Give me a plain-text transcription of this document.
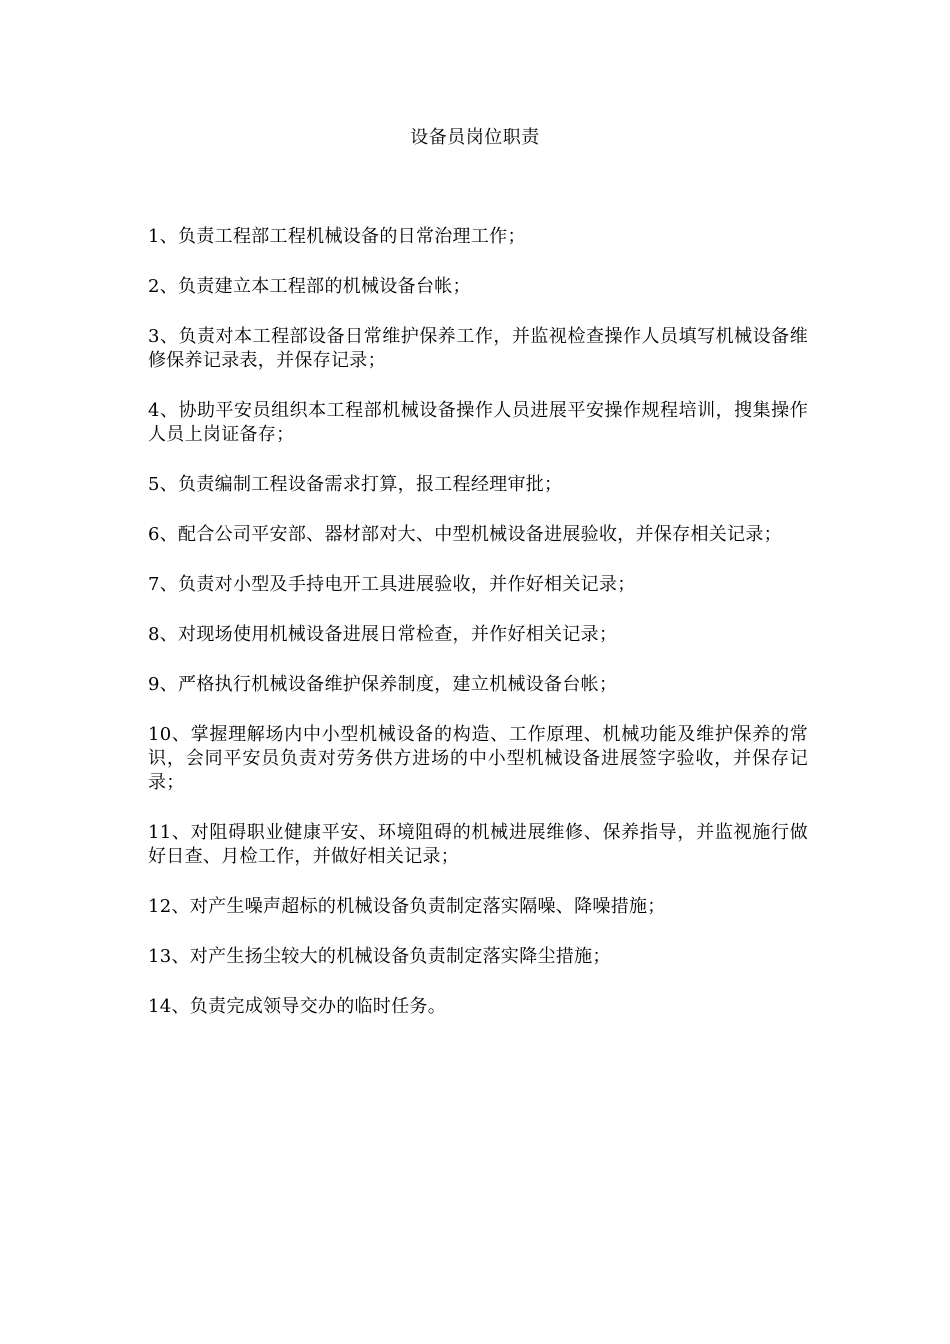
设备员岗位职责
1、负责工程部工程机械设备的日常治理工作；
2、负责建立本工程部的机械设备台帐；
3、负责对本工程部设备日常维护保养工作，并监视检查操作人员填写机械设备维修保养记录表，并保存记录；
4、协助平安员组织本工程部机械设备操作人员进展平安操作规程培训，搜集操作人员上岗证备存；
5、负责编制工程设备需求打算，报工程经理审批；
6、配合公司平安部、器材部对大、中型机械设备进展验收，并保存相关记录；
7、负责对小型及手持电开工具进展验收，并作好相关记录；
8、对现场使用机械设备进展日常检查，并作好相关记录；
9、严格执行机械设备维护保养制度，建立机械设备台帐；
10、掌握理解场内中小型机械设备的构造、工作原理、机械功能及维护保养的常识，会同平安员负责对劳务供方进场的中小型机械设备进展签字验收，并保存记录；
11、对阻碍职业健康平安、环境阻碍的机械进展维修、保养指导，并监视施行做好日查、月检工作，并做好相关记录；
12、对产生噪声超标的机械设备负责制定落实隔噪、降噪措施；
13、对产生扬尘较大的机械设备负责制定落实降尘措施；
14、负责完成领导交办的临时任务。
